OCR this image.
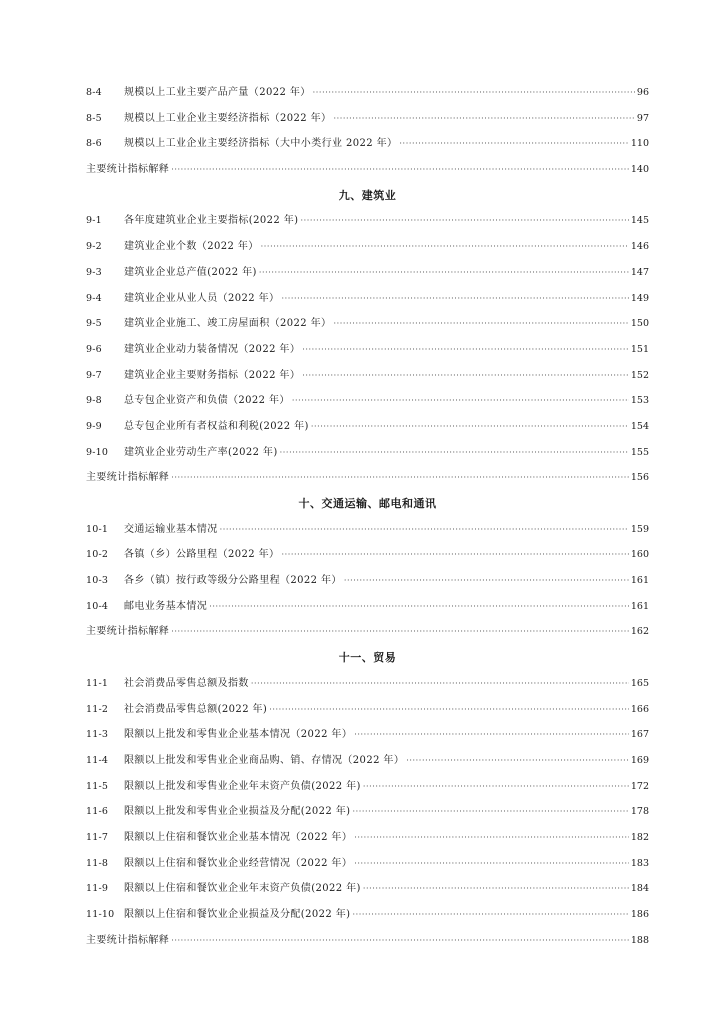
8-4	规模以上工业主要产品产量（2022 年） ·····	96
8-5	规模以上工业企业主要经济指标（2022 年） ·····	97
8-6	规模以上工业企业主要经济指标（大中小类行业 2022 年） ·····	110
主要统计指标解释 ·····	140
九、建筑业
9-1	各年度建筑业企业主要指标(2022 年) ·····	145
9-2	建筑业企业个数（2022 年） ·····	146
9-3	建筑业企业总产值(2022 年) ·····	147
9-4	建筑业企业从业人员（2022 年） ·····	149
9-5	建筑业企业施工、竣工房屋面积（2022 年） ·····	150
9-6	建筑业企业动力装备情况（2022 年） ·····	151
9-7	建筑业企业主要财务指标（2022 年） ·····	152
9-8	总专包企业资产和负债（2022 年） ·····	153
9-9	总专包企业所有者权益和利税(2022 年) ·····	154
9-10	建筑业企业劳动生产率(2022 年) ·····	155
主要统计指标解释 ·····	156
十、交通运输、邮电和通讯
10-1	交通运输业基本情况 ·····	159
10-2	各镇（乡）公路里程（2022 年） ·····	160
10-3	各乡（镇）按行政等级分公路里程（2022 年） ·····	161
10-4	邮电业务基本情况 ·····	161
主要统计指标解释 ·····	162
十一、贸易
11-1	社会消费品零售总额及指数 ·····	165
11-2	社会消费品零售总额(2022 年) ·····	166
11-3	限额以上批发和零售业企业基本情况（2022 年） ·····	167
11-4	限额以上批发和零售业企业商品购、销、存情况（2022 年） ·····	169
11-5	限额以上批发和零售业企业年末资产负债(2022 年) ·····	172
11-6	限额以上批发和零售业企业损益及分配(2022 年) ·····	178
11-7	限额以上住宿和餐饮业企业基本情况（2022 年） ·····	182
11-8	限额以上住宿和餐饮业企业经营情况（2022 年） ·····	183
11-9	限额以上住宿和餐饮业企业年末资产负债(2022 年) ·····	184
11-10 限额以上住宿和餐饮业企业损益及分配(2022 年) ·····	186
主要统计指标解释 ·····	188
